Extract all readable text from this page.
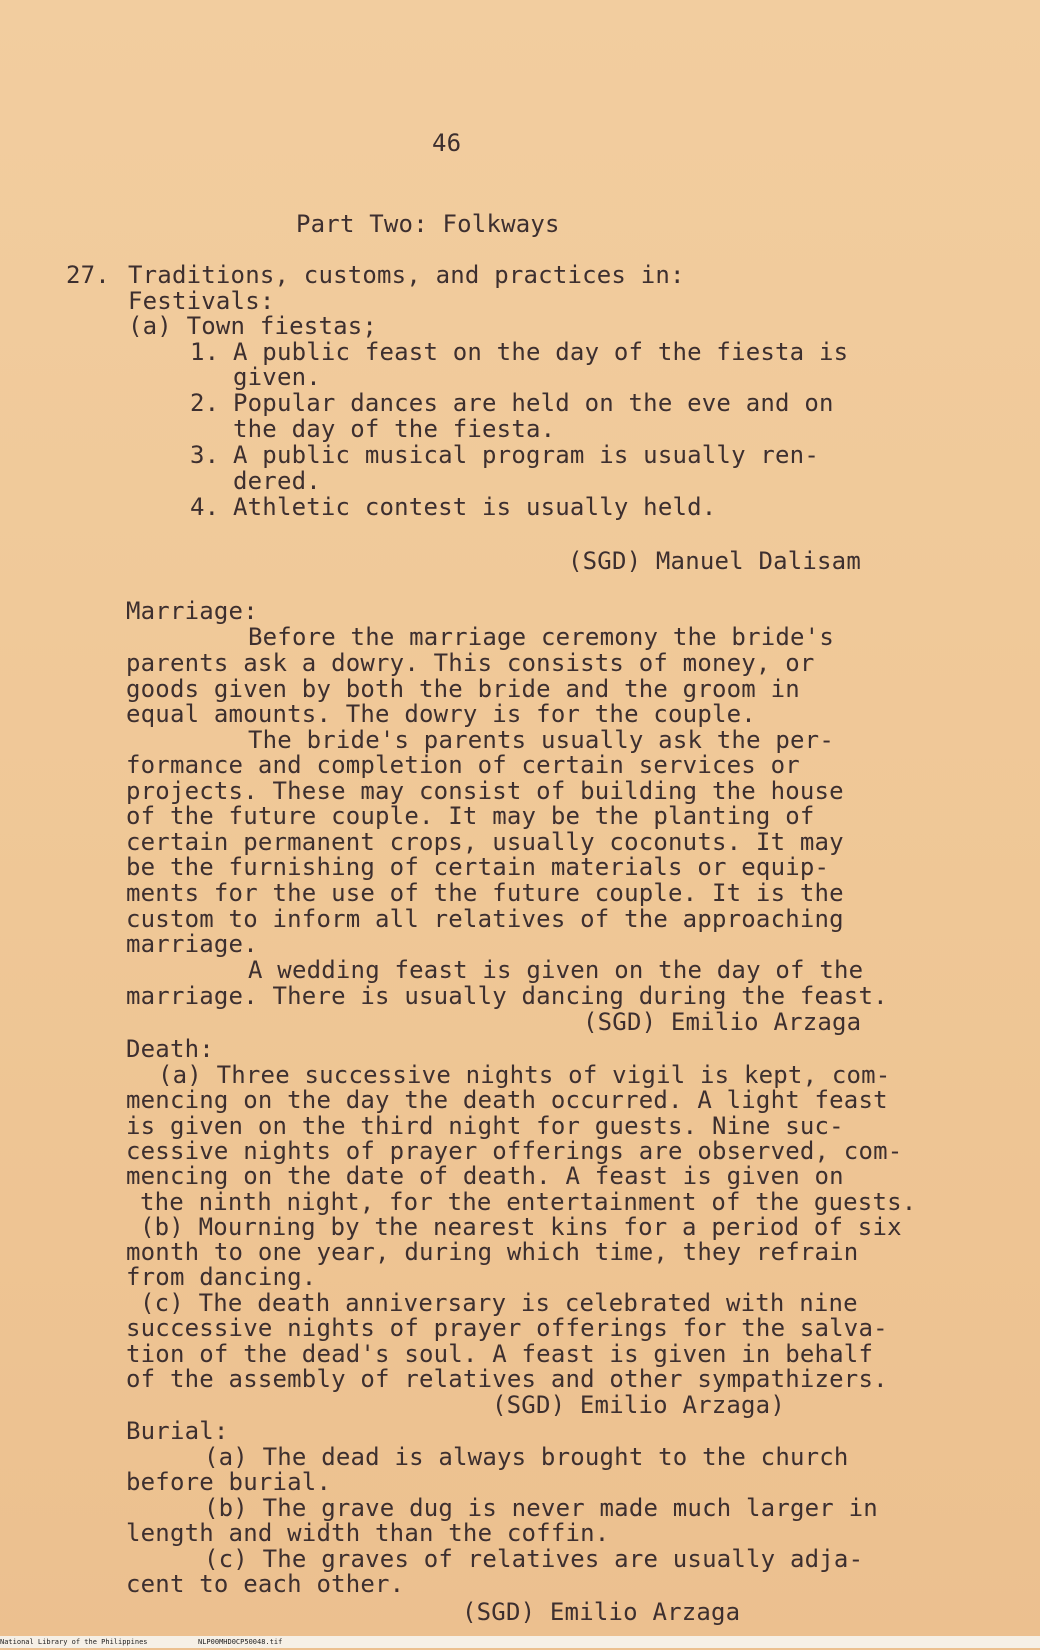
46
Part Two: Folkways
27. Traditions, customs, and practices in:
Festivals:
(a) Town fiestas;
1. A public feast on the day of the fiesta is
given.
2. Popular dances are held on the eve and on
the day of the fiesta.
3. A public musical program is usually ren-
dered.
4. Athletic contest is usually held.
(SGD) Manuel Dalisam
Marriage:
Before the marriage ceremony the bride's
parents ask a dowry. This consists of money, or
goods given by both the bride and the groom in
equal amounts. The dowry is for the couple.
The bride's parents usually ask the per-
formance and completion of certain services or
projects. These may consist of building the house
of the future couple. It may be the planting of
certain permanent crops, usually coconuts. It may
be the furnishing of certain materials or equip-
ments for the use of the future couple. It is the
custom to inform all relatives of the approaching
marriage.
A wedding feast is given on the day of the
marriage. There is usually dancing during the feast.
(SGD) Emilio Arzaga
Death:
(a) Three successive nights of vigil is kept, com-
mencing on the day the death occurred. A light feast
is given on the third night for guests. Nine suc-
cessive nights of prayer offerings are observed, com-
mencing on the date of death. A feast is given on
the ninth night, for the entertainment of the guests.
(b) Mourning by the nearest kins for a period of six
month to one year, during which time, they refrain
from dancing.
(c) The death anniversary is celebrated with nine
successive nights of prayer offerings for the salva-
tion of the dead's soul. A feast is given in behalf
of the assembly of relatives and other sympathizers.
(SGD) Emilio Arzaga)
Burial:
(a) The dead is always brought to the church
before burial.
(b) The grave dug is never made much larger in
length and width than the coffin.
(c) The graves of relatives are usually adja-
cent to each other.
(SGD) Emilio Arzaga
National Library of the Philippines	NLP00MHD0CP50048.tif
